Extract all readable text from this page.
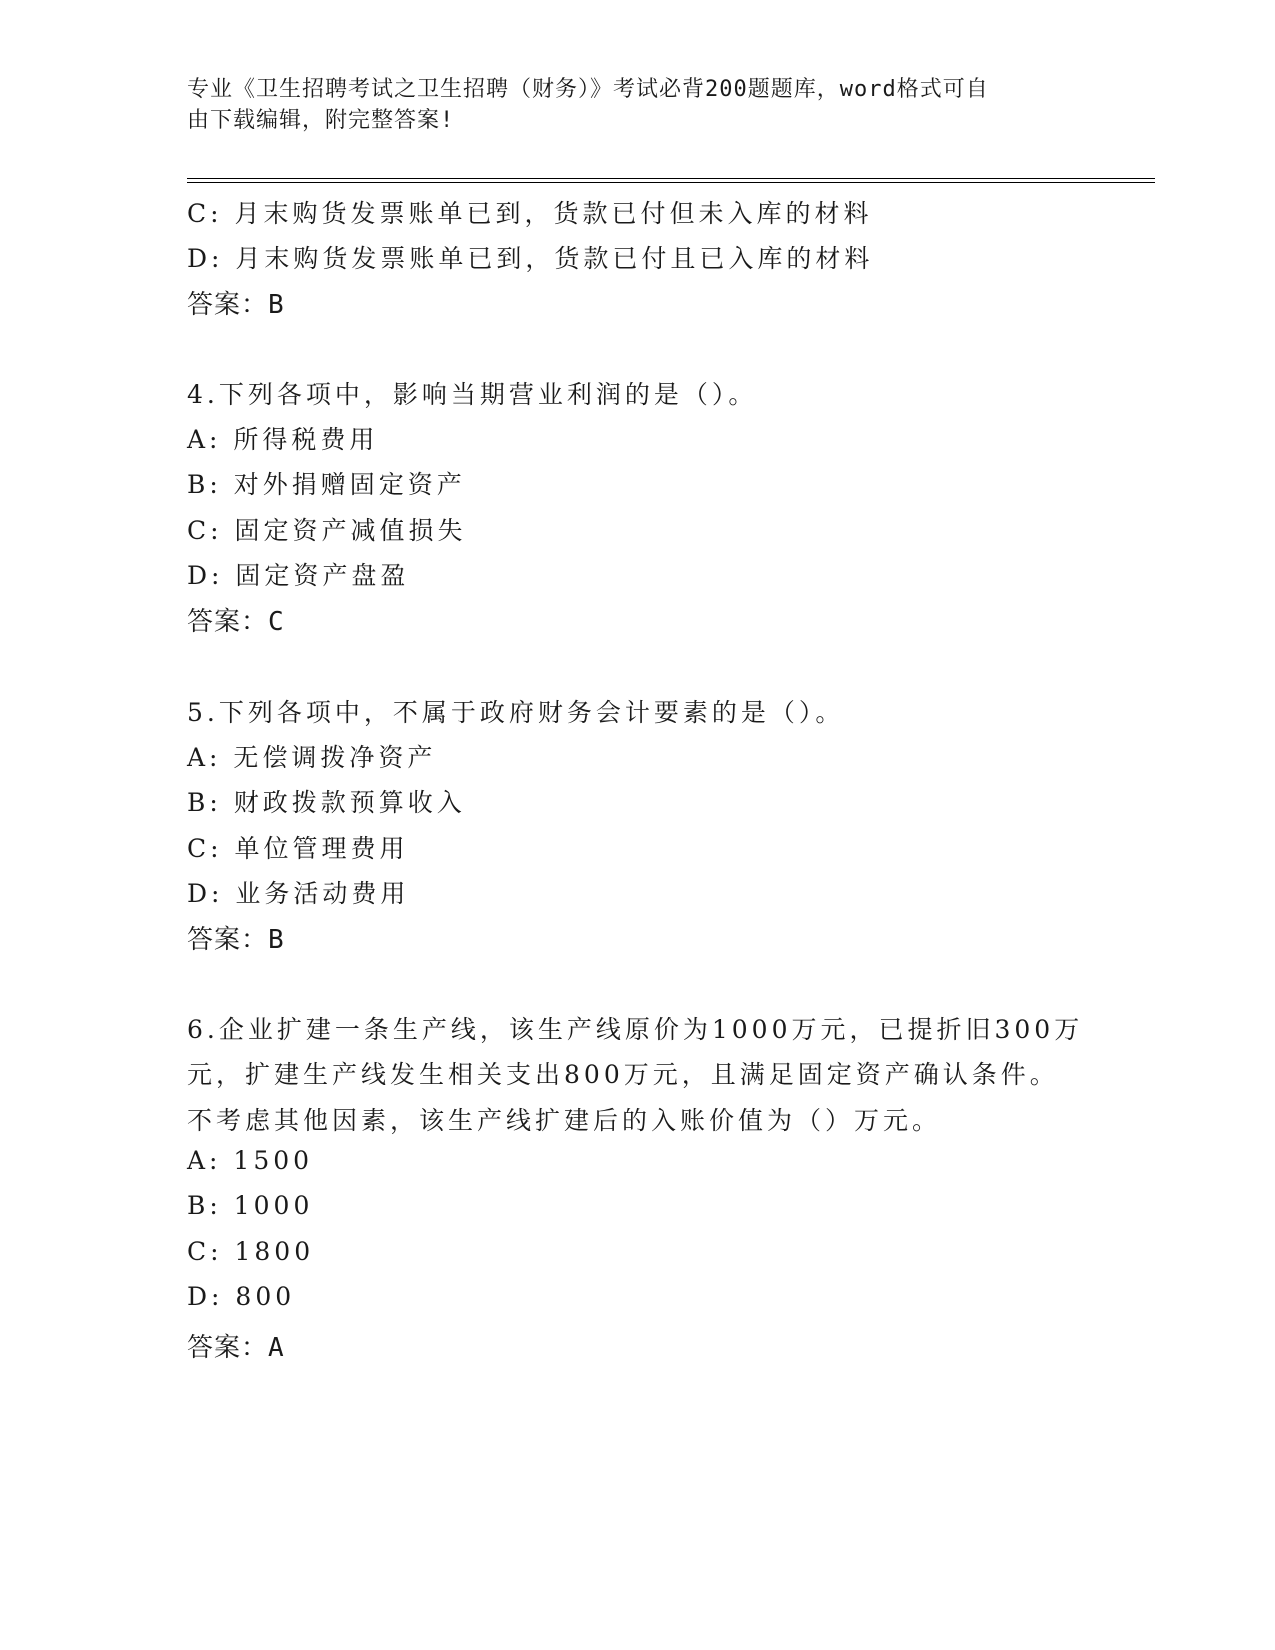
专业《卫生招聘考试之卫生招聘（财务）》考试必背200题题库，word格式可自
由下载编辑，附完整答案!
C: 月末购货发票账单已到，货款已付但未入库的材料
D: 月末购货发票账单已到，货款已付且已入库的材料
答案：B
4.下列各项中，影响当期营业利润的是（）。
A: 所得税费用
B: 对外捐赠固定资产
C: 固定资产减值损失
D: 固定资产盘盈
答案：C
5.下列各项中，不属于政府财务会计要素的是（）。
A: 无偿调拨净资产
B: 财政拨款预算收入
C: 单位管理费用
D: 业务活动费用
答案：B
6.企业扩建一条生产线，该生产线原价为1000万元，已提折旧300万
元，扩建生产线发生相关支出800万元，且满足固定资产确认条件。
不考虑其他因素，该生产线扩建后的入账价值为（）万元。
A: 1500
B: 1000
C: 1800
D: 800
答案：A
